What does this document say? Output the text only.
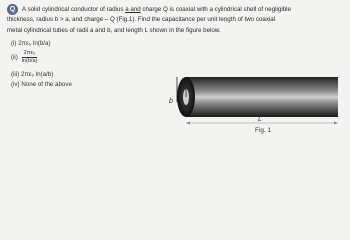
Q	A solid cylindrical conductor of radius a and charge Q is coaxial with a cylindrical shell of negligible
thickness, radius b > a, and charge – Q (Fig.1). Find the capacitance per unit length of two coaxial
metal cylindrical tubes of radii a and b, and length L shown in the figure below.

(i) 2πε₀ ln(b/a)
$(ii) \frac{\text{2πε₀}}{\ln(b/a)}$
(iii) 2πε₀ ln(a/b)
(iv) None of the above
a
b
L
Fig. 1
